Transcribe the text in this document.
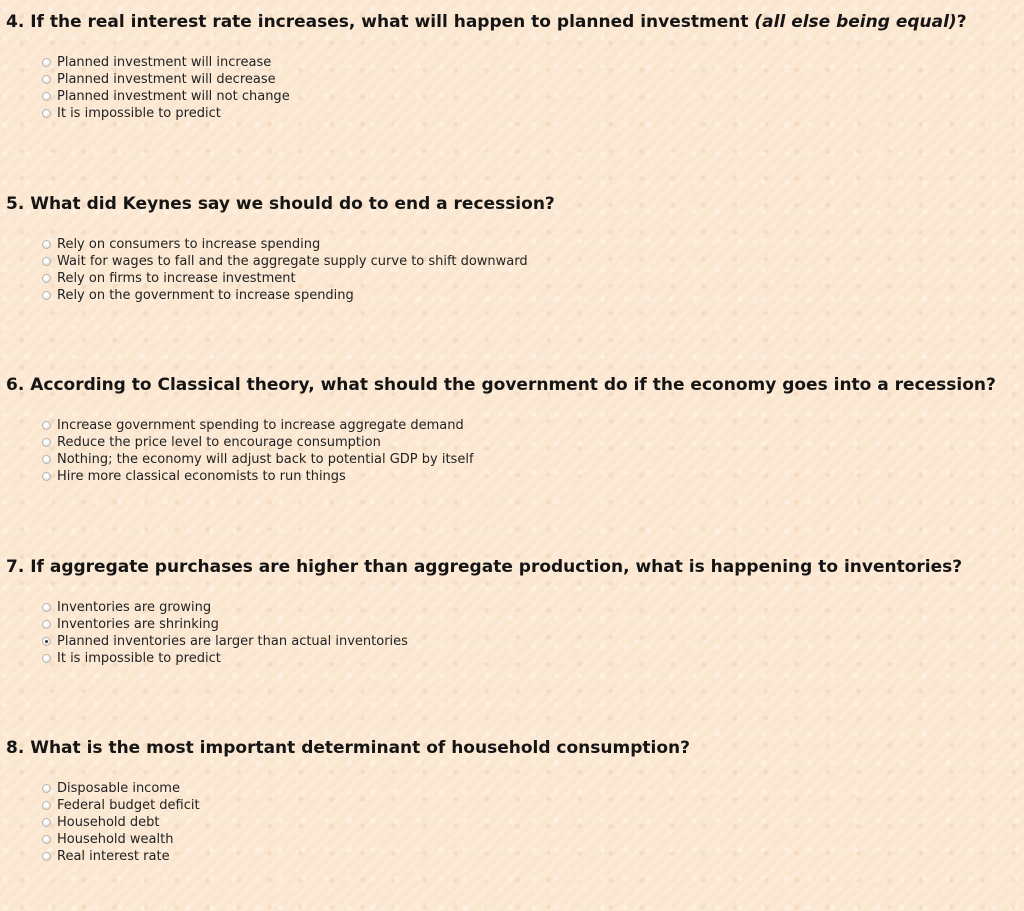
4. If the real interest rate increases, what will happen to planned investment (all else being equal)?
Planned investment will increase
Planned investment will decrease
Planned investment will not change
It is impossible to predict
5. What did Keynes say we should do to end a recession?
Rely on consumers to increase spending
Wait for wages to fall and the aggregate supply curve to shift downward
Rely on firms to increase investment
Rely on the government to increase spending
6. According to Classical theory, what should the government do if the economy goes into a recession?
Increase government spending to increase aggregate demand
Reduce the price level to encourage consumption
Nothing; the economy will adjust back to potential GDP by itself
Hire more classical economists to run things
7. If aggregate purchases are higher than aggregate production, what is happening to inventories?
Inventories are growing
Inventories are shrinking
Planned inventories are larger than actual inventories
It is impossible to predict
8. What is the most important determinant of household consumption?
Disposable income
Federal budget deficit
Household debt
Household wealth
Real interest rate
